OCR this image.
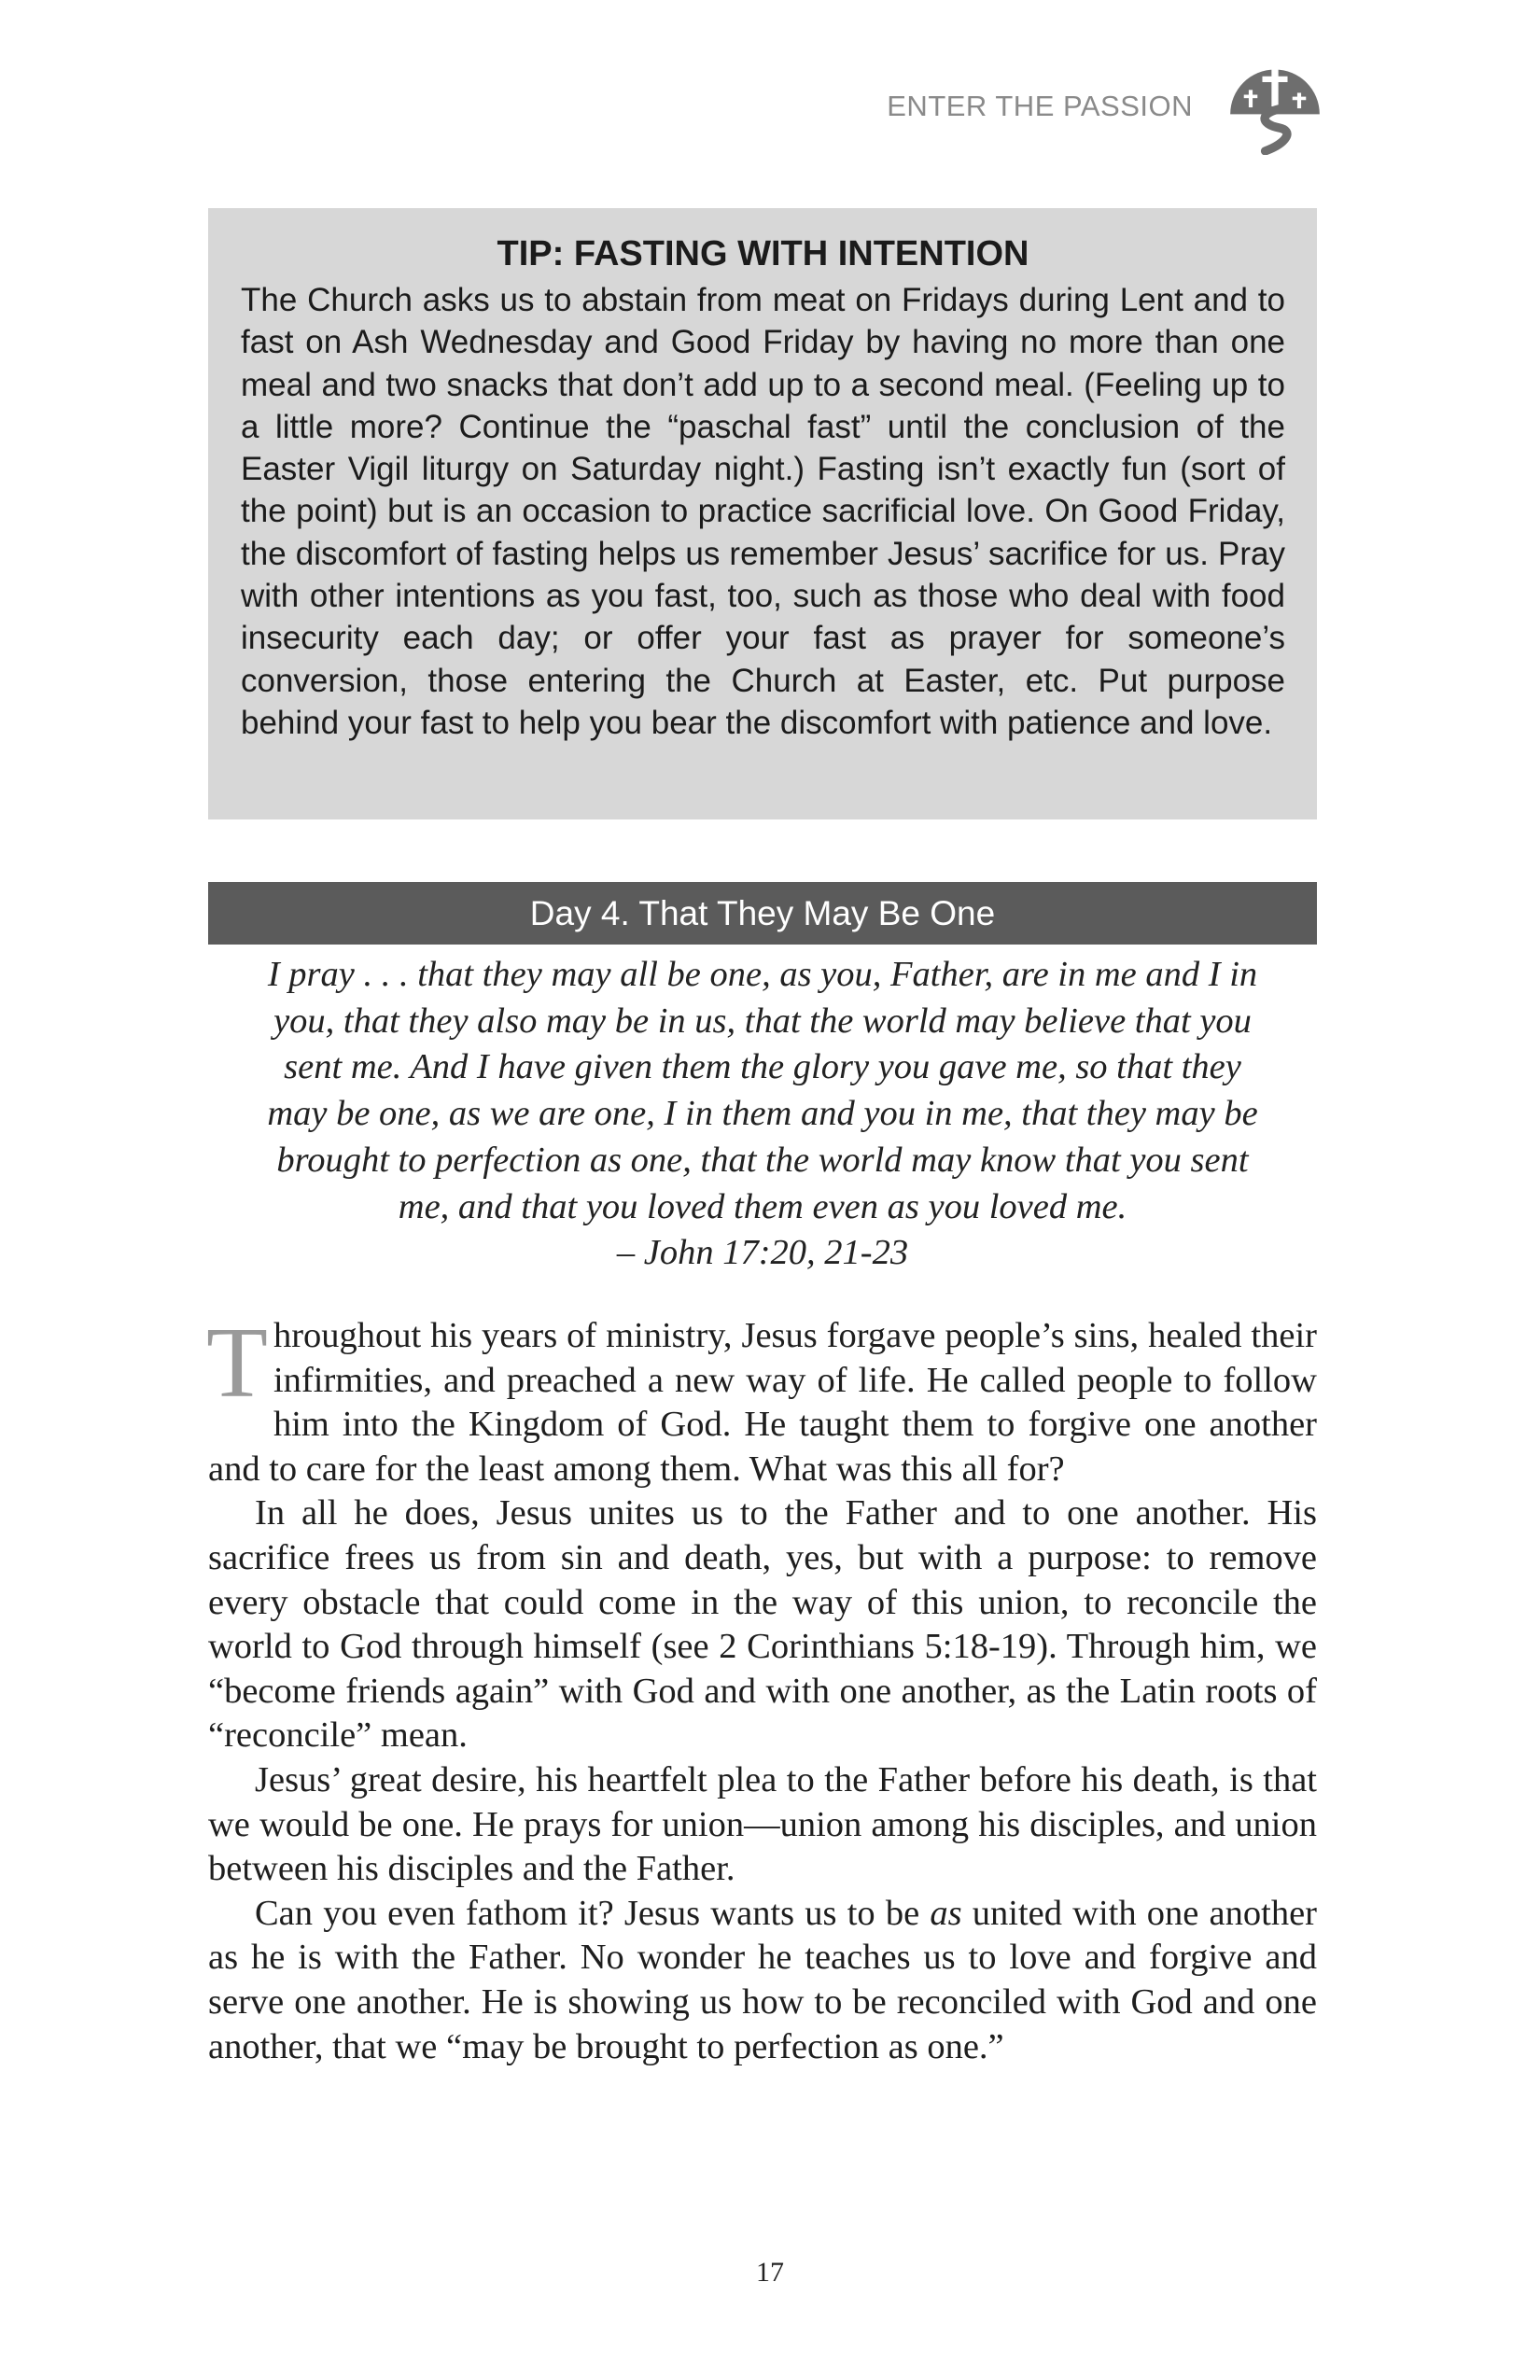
ENTER THE PASSION
TIP: FASTING WITH INTENTION

The Church asks us to abstain from meat on Fridays during Lent and to fast on Ash Wednesday and Good Friday by having no more than one meal and two snacks that don’t add up to a second meal. (Feeling up to a little more? Continue the “paschal fast” until the conclusion of the Easter Vigil liturgy on Saturday night.) Fasting isn’t exactly fun (sort of the point) but is an occasion to practice sacrificial love. On Good Friday, the discomfort of fasting helps us remember Jesus’ sacrifice for us. Pray with other intentions as you fast, too, such as those who deal with food insecurity each day; or offer your fast as prayer for someone’s conversion, those entering the Church at Easter, etc. Put purpose behind your fast to help you bear the discomfort with patience and love.

Day 4. That They May Be One

I pray . . . that they may all be one, as you, Father, are in me and I in
you, that they also may be in us, that the world may believe that you
sent me. And I have given them the glory you gave me, so that they
may be one, as we are one, I in them and you in me, that they may be
brought to perfection as one, that the world may know that you sent
me, and that you loved them even as you loved me.
– John 17:20, 21-23

Throughout his years of ministry, Jesus forgave people’s sins, healed their infirmities, and preached a new way of life. He called people to follow him into the Kingdom of God. He taught them to forgive one another and to care for the least among them. What was this all for?

In all he does, Jesus unites us to the Father and to one another. His sacrifice frees us from sin and death, yes, but with a purpose: to remove every obstacle that could come in the way of this union, to reconcile the world to God through himself (see 2 Corinthians 5:18-19). Through him, we “become friends again” with God and with one another, as the Latin roots of “reconcile” mean.

Jesus’ great desire, his heartfelt plea to the Father before his death, is that we would be one. He prays for union—union among his disciples, and union between his disciples and the Father.

Can you even fathom it? Jesus wants us to be as united with one another as he is with the Father. No wonder he teaches us to love and forgive and serve one another. He is showing us how to be reconciled with God and one another, that we “may be brought to perfection as one.”

17
